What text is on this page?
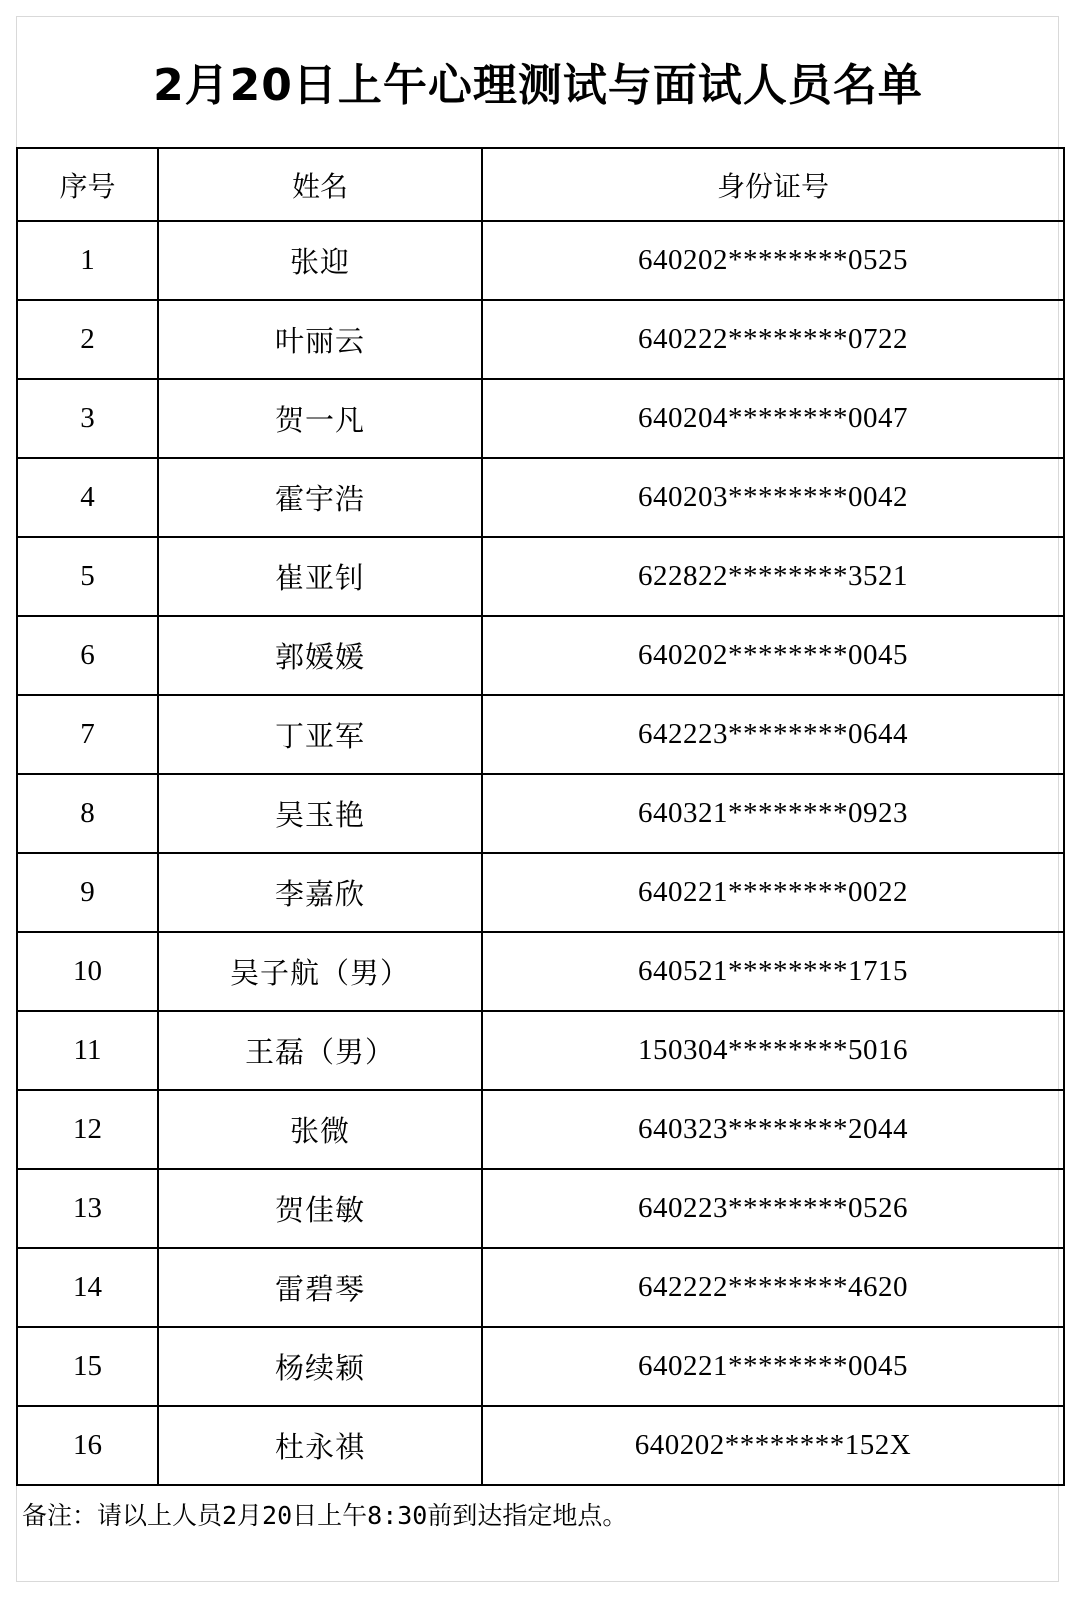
2月20日上午心理测试与面试人员名单
序号	姓名	身份证号
1	张迎	640202********0525
2	叶丽云	640222********0722
3	贺一凡	640204********0047
4	霍宇浩	640203********0042
5	崔亚钊	622822********3521
6	郭媛媛	640202********0045
7	丁亚军	642223********0644
8	吴玉艳	640321********0923
9	李嘉欣	640221********0022
10	吴子航（男）	640521********1715
11	王磊（男）	150304********5016
12	张微	640323********2044
13	贺佳敏	640223********0526
14	雷碧琴	642222********4620
15	杨续颖	640221********0045
16	杜永祺	640202********152X
备注：请以上人员2月20日上午8:30前到达指定地点。
